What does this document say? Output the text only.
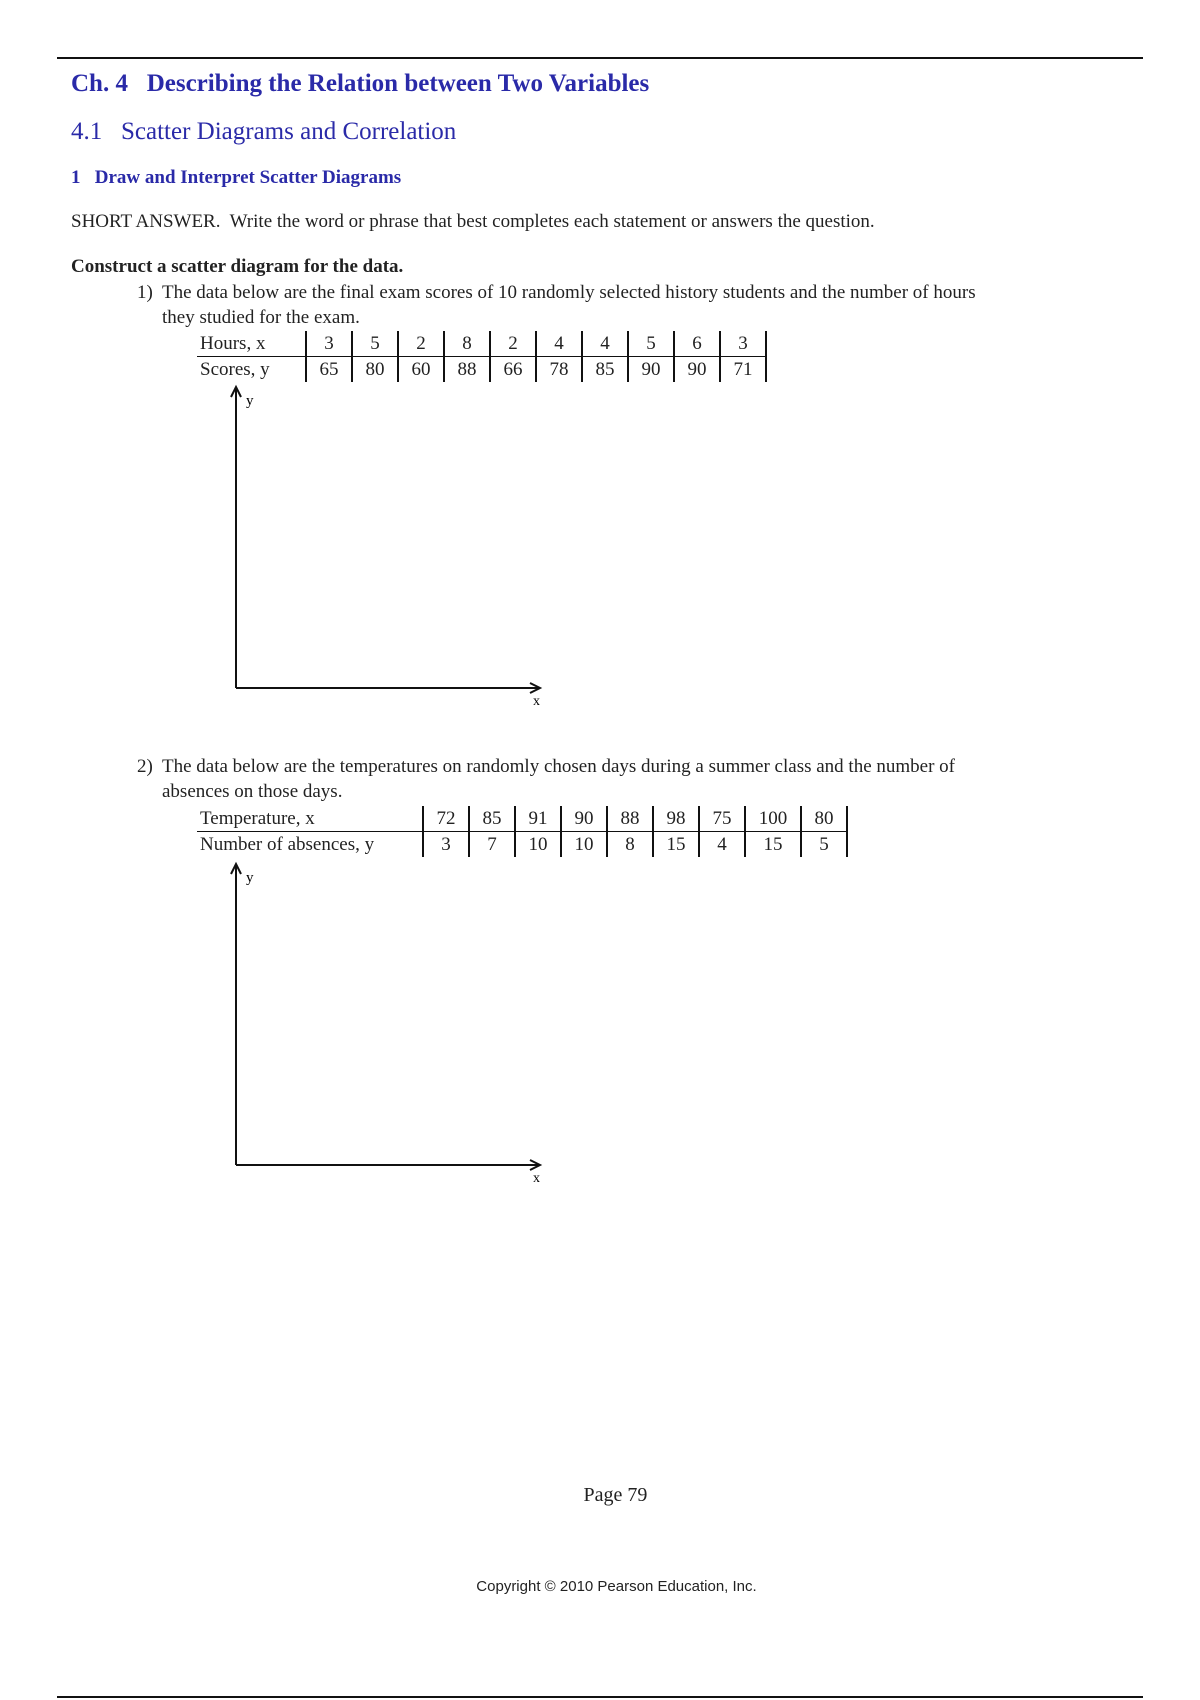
Ch. 4   Describing the Relation between Two Variables
4.1   Scatter Diagrams and Correlation
1   Draw and Interpret Scatter Diagrams
SHORT ANSWER.  Write the word or phrase that best completes each statement or answers the question.
Construct a scatter diagram for the data.
1) The data below are the final exam scores of 10 randomly selected history students and the number of hours
they studied for the exam.
Hours, x	3	5	2	8	2	4	4	5	6	3
Scores, y	65	80	60	88	66	78	85	90	90	71
y
x
2) The data below are the temperatures on randomly chosen days during a summer class and the number of
absences on those days.
Temperature, x	72	85	91	90	88	98	75	100	80
Number of absences, y	3	7	10	10	8	15	4	15	5
y
x
Page 79
Copyright © 2010 Pearson Education, Inc.
